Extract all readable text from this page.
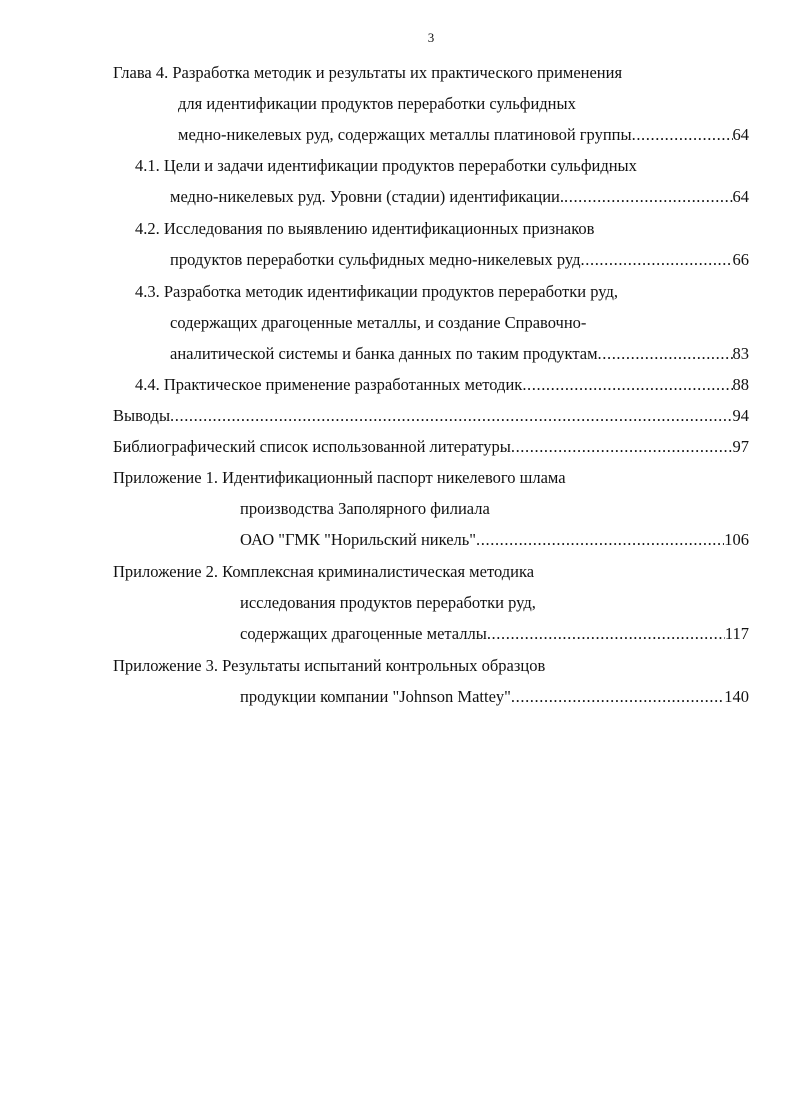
3
Глава 4. Разработка методик и результаты их практического применения
для идентификации продуктов переработки сульфидных
медно-никелевых руд, содержащих металлы платиновой группы .....	64
4.1. Цели и задачи идентификации продуктов переработки сульфидных
медно-никелевых руд. Уровни (стадии) идентификации. .....	64
4.2. Исследования по выявлению идентификационных признаков
продуктов переработки сульфидных медно-никелевых руд .....	66
4.3. Разработка методик идентификации продуктов переработки руд,
содержащих драгоценные металлы, и создание Справочно-
аналитической системы и банка данных по таким продуктам .....	83
4.4. Практическое применение разработанных методик .....	88
Выводы .....	94
Библиографический список использованной литературы .....	97
Приложение 1. Идентификационный паспорт никелевого шлама
производства Заполярного филиала
ОАО "ГМК "Норильский никель" .....	106
Приложение 2. Комплексная криминалистическая методика
исследования продуктов переработки руд,
содержащих драгоценные металлы .....	117
Приложение 3. Результаты испытаний контрольных образцов
продукции компании "Johnson Mattey" .....	140
